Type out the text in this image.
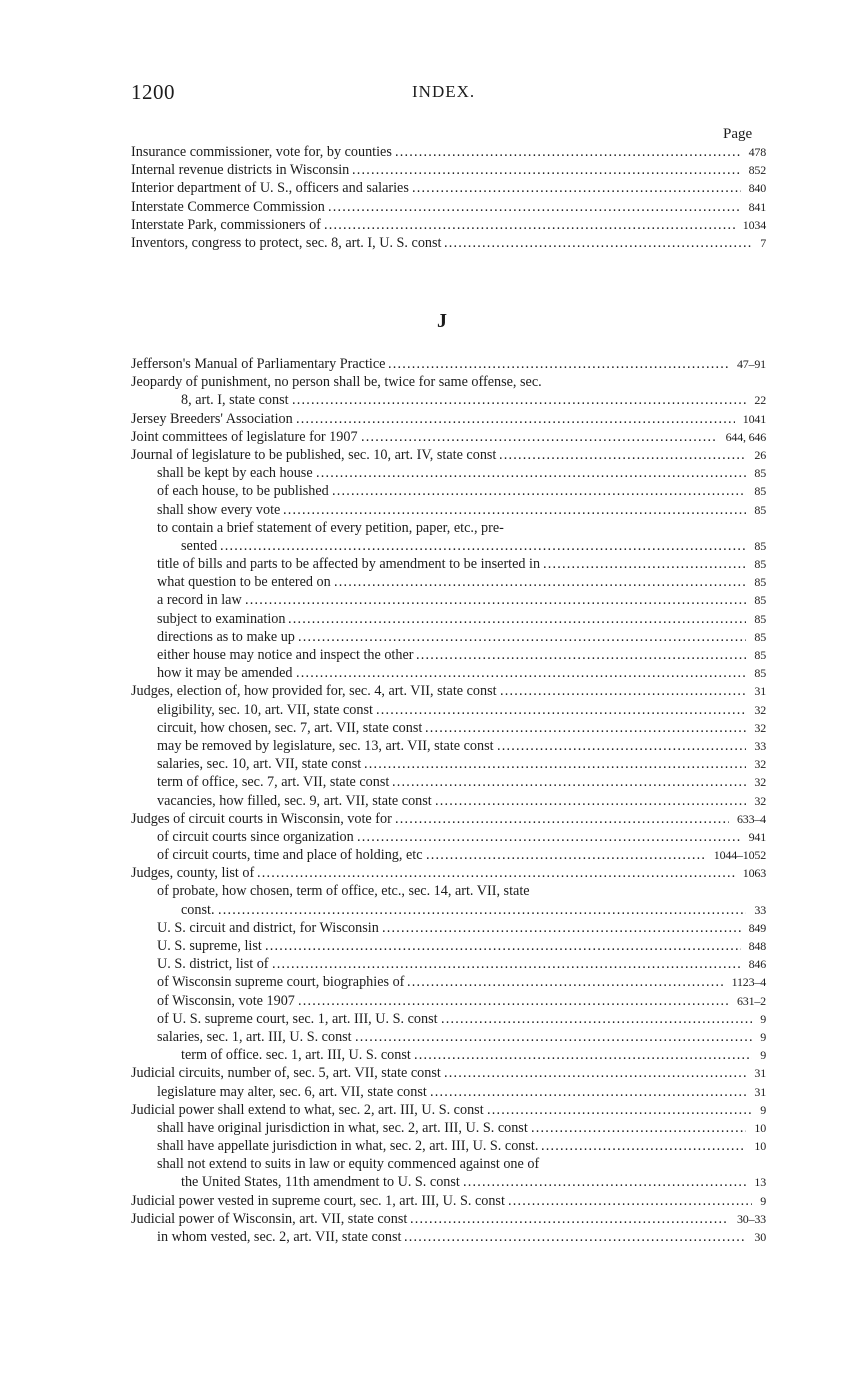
1200	INDEX.
Page
Insurance commissioner, vote for, by counties .....	478
Internal revenue districts in Wisconsin .....	852
Interior department of U. S., officers and salaries .....	840
Interstate Commerce Commission .....	841
Interstate Park, commissioners of .....	1034
Inventors, congress to protect, sec. 8, art. I, U. S. const .....	7
J
Jefferson's Manual of Parliamentary Practice .....	47–91
Jeopardy of punishment, no person shall be, twice for same offense, sec.
8, art. I, state const .....	22
Jersey Breeders' Association .....	1041
Joint committees of legislature for 1907 .....	644, 646
Journal of legislature to be published, sec. 10, art. IV, state const .....	26
shall be kept by each house .....	85
of each house, to be published .....	85
shall show every vote .....	85
to contain a brief statement of every petition, paper, etc., pre-
sented .....	85
title of bills and parts to be affected by amendment to be inserted in .....	85
what question to be entered on .....	85
a record in law .....	85
subject to examination .....	85
directions as to make up .....	85
either house may notice and inspect the other .....	85
how it may be amended .....	85
Judges, election of, how provided for, sec. 4, art. VII, state const .....	31
eligibility, sec. 10, art. VII, state const .....	32
circuit, how chosen, sec. 7, art. VII, state const .....	32
may be removed by legislature, sec. 13, art. VII, state const .....	33
salaries, sec. 10, art. VII, state const .....	32
term of office, sec. 7, art. VII, state const .....	32
vacancies, how filled, sec. 9, art. VII, state const .....	32
Judges of circuit courts in Wisconsin, vote for .....	633–4
of circuit courts since organization .....	941
of circuit courts, time and place of holding, etc .....	1044–1052
Judges, county, list of .....	1063
of probate, how chosen, term of office, etc., sec. 14, art. VII, state
const. .....	33
U. S. circuit and district, for Wisconsin .....	849
U. S. supreme, list .....	848
U. S. district, list of .....	846
of Wisconsin supreme court, biographies of .....	1123–4
of Wisconsin, vote 1907 .....	631–2
of U. S. supreme court, sec. 1, art. III, U. S. const .....	9
salaries, sec. 1, art. III, U. S. const .....	9
term of office. sec. 1, art. III, U. S. const .....	9
Judicial circuits, number of, sec. 5, art. VII, state const .....	31
legislature may alter, sec. 6, art. VII, state const .....	31
Judicial power shall extend to what, sec. 2, art. III, U. S. const .....	9
shall have original jurisdiction in what, sec. 2, art. III, U. S. const .....	10
shall have appellate jurisdiction in what, sec. 2, art. III, U. S. const. .....	10
shall not extend to suits in law or equity commenced against one of
the United States, 11th amendment to U. S. const .....	13
Judicial power vested in supreme court, sec. 1, art. III, U. S. const .....	9
Judicial power of Wisconsin, art. VII, state const .....	30–33
in whom vested, sec. 2, art. VII, state const .....	30
